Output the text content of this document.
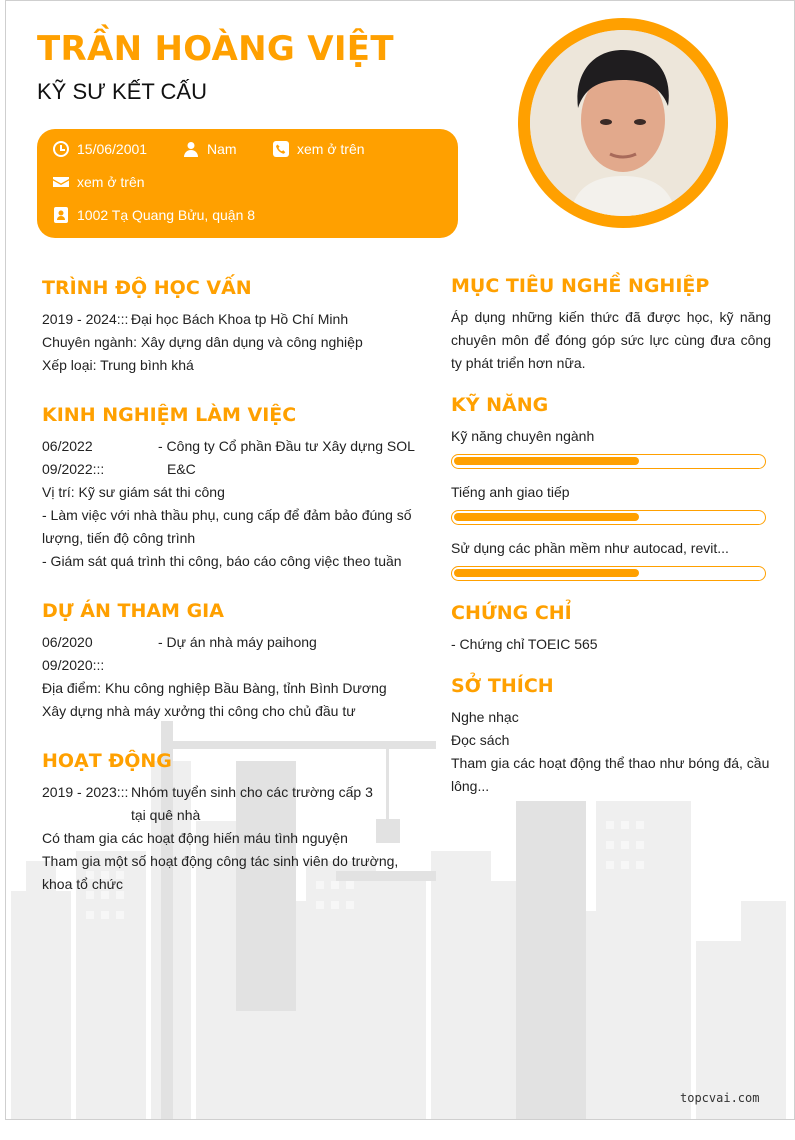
TRẦN HOÀNG VIỆT
KỸ SƯ KẾT CẤU
15/06/2001	Nam	xem ở trên
xem ở trên
1002 Tạ Quang Bửu, quận 8
TRÌNH ĐỘ HỌC VẤN
2019 - 2024::: Đại học Bách Khoa tp Hồ Chí Minh
Chuyên ngành: Xây dựng dân dụng và công nghiệp
Xếp loại: Trung bình khá
KINH NGHIỆM LÀM VIỆC
06/2022
09/2022:::
- Công ty Cổ phần Đầu tư Xây dựng SOL
E&C
Vị trí: Kỹ sư giám sát thi công
- Làm việc với nhà thầu phụ, cung cấp để đảm bảo đúng số lượng, tiến độ công trình
- Giám sát quá trình thi công, báo cáo công việc theo tuần
DỰ ÁN THAM GIA
06/2020
09/2020:::
- Dự án nhà máy paihong
Địa điểm: Khu công nghiệp Bầu Bàng, tỉnh Bình Dương
Xây dựng nhà máy xưởng thi công cho chủ đầu tư
HOẠT ĐỘNG
2019 - 2023::: Nhóm tuyển sinh cho các trường cấp 3
tại quê nhà
Có tham gia các hoạt động hiến máu tình nguyện
Tham gia một số hoạt động công tác sinh viên do trường, khoa tổ chức
MỤC TIÊU NGHỀ NGHIỆP
Áp dụng những kiến thức đã được học, kỹ năng chuyên môn để đóng góp sức lực cùng đưa công ty phát triển hơn nữa.
KỸ NĂNG
Kỹ năng chuyên ngành
Tiếng anh giao tiếp
Sử dụng các phần mềm như autocad, revit...
CHỨNG CHỈ
- Chứng chỉ TOEIC 565
SỞ THÍCH
Nghe nhạc
Đọc sách
Tham gia các hoạt động thể thao như bóng đá, cầu lông...
topcvai.com
